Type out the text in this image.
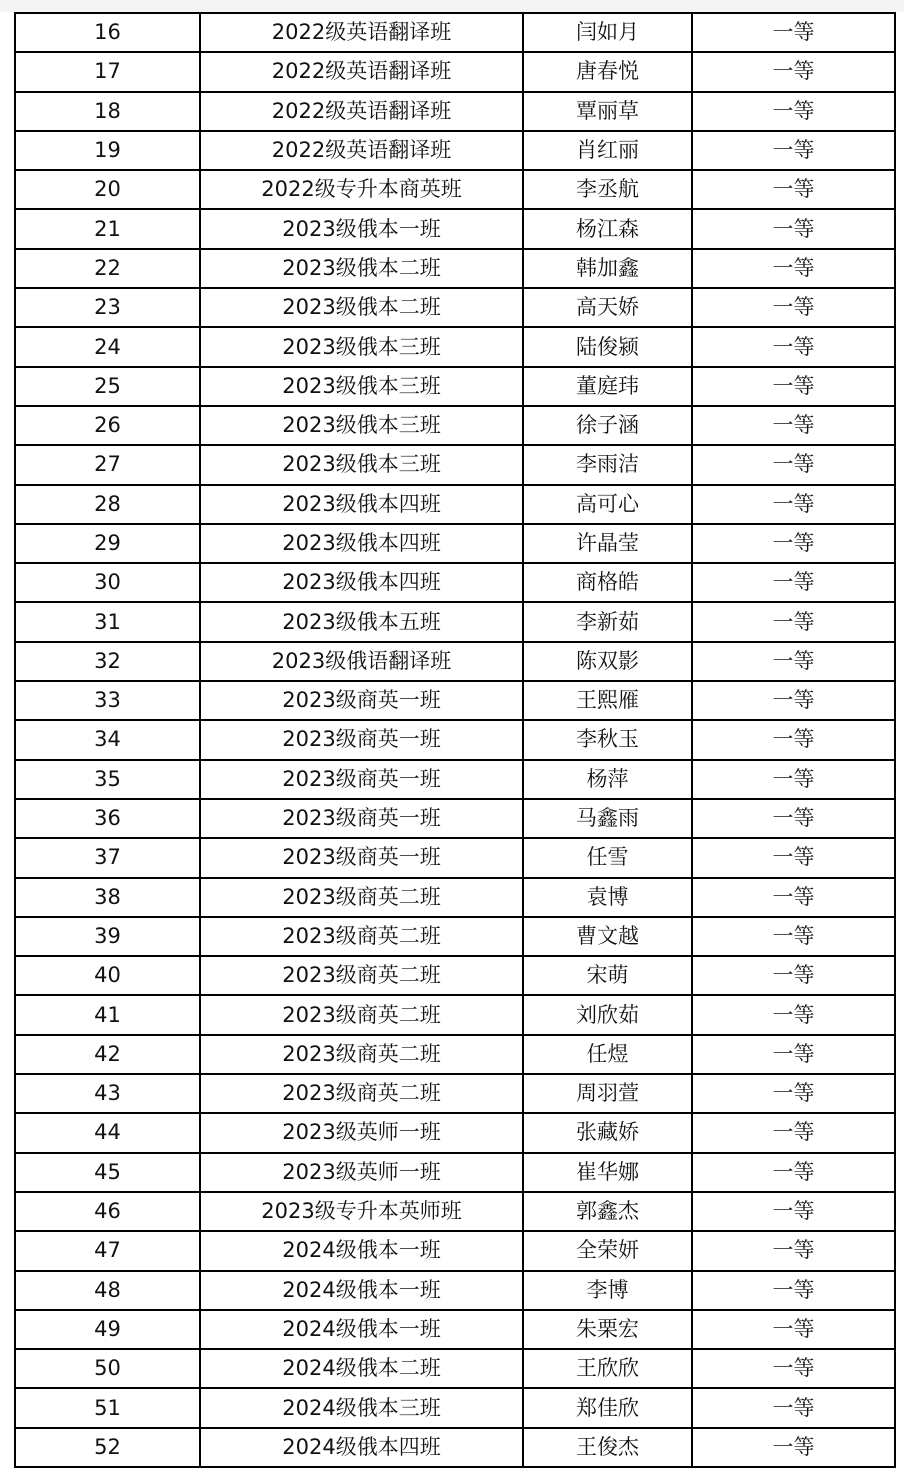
16	2022级英语翻译班	闫如月	一等
17	2022级英语翻译班	唐春悦	一等
18	2022级英语翻译班	覃丽草	一等
19	2022级英语翻译班	肖红丽	一等
20	2022级专升本商英班	李丞航	一等
21	2023级俄本一班	杨江森	一等
22	2023级俄本二班	韩加鑫	一等
23	2023级俄本二班	高天娇	一等
24	2023级俄本三班	陆俊颍	一等
25	2023级俄本三班	董庭玮	一等
26	2023级俄本三班	徐子涵	一等
27	2023级俄本三班	李雨洁	一等
28	2023级俄本四班	高可心	一等
29	2023级俄本四班	许晶莹	一等
30	2023级俄本四班	商格皓	一等
31	2023级俄本五班	李新茹	一等
32	2023级俄语翻译班	陈双影	一等
33	2023级商英一班	王熙雁	一等
34	2023级商英一班	李秋玉	一等
35	2023级商英一班	杨萍	一等
36	2023级商英一班	马鑫雨	一等
37	2023级商英一班	任雪	一等
38	2023级商英二班	袁博	一等
39	2023级商英二班	曹文越	一等
40	2023级商英二班	宋萌	一等
41	2023级商英二班	刘欣茹	一等
42	2023级商英二班	任煜	一等
43	2023级商英二班	周羽萱	一等
44	2023级英师一班	张藏娇	一等
45	2023级英师一班	崔华娜	一等
46	2023级专升本英师班	郭鑫杰	一等
47	2024级俄本一班	全荣妍	一等
48	2024级俄本一班	李博	一等
49	2024级俄本一班	朱栗宏	一等
50	2024级俄本二班	王欣欣	一等
51	2024级俄本三班	郑佳欣	一等
52	2024级俄本四班	王俊杰	一等
